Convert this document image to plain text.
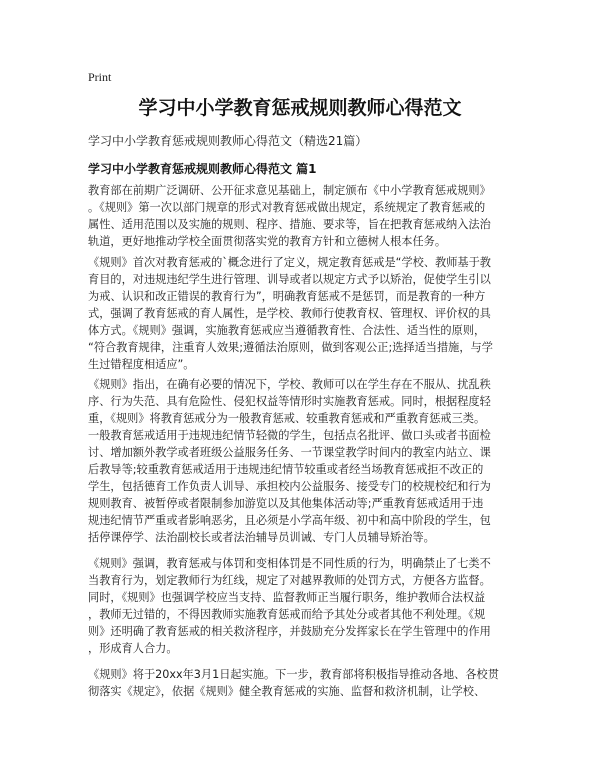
Print
学习中小学教育惩戒规则教师心得范文

学习中小学教育惩戒规则教师心得范文（精选21篇）

学习中小学教育惩戒规则教师心得范文 篇1

教育部在前期广泛调研、公开征求意见基础上，制定颁布《中小学教育惩戒规则》
。《规则》第一次以部门规章的形式对教育惩戒做出规定，系统规定了教育惩戒的
属性、适用范围以及实施的规则、程序、措施、要求等，旨在把教育惩戒纳入法治
轨道，更好地推动学校全面贯彻落实党的教育方针和立德树人根本任务。

《规则》首次对教育惩戒的`概念进行了定义，规定教育惩戒是“学校、教师基于教
育目的，对违规违纪学生进行管理、训导或者以规定方式予以矫治，促使学生引以
为戒、认识和改正错误的教育行为”，明确教育惩戒不是惩罚，而是教育的一种方
式，强调了教育惩戒的育人属性，是学校、教师行使教育权、管理权、评价权的具
体方式。《规则》强调，实施教育惩戒应当遵循教育性、合法性、适当性的原则，
“符合教育规律，注重育人效果;遵循法治原则，做到客观公正;选择适当措施，与学
生过错程度相适应”。

《规则》指出，在确有必要的情况下，学校、教师可以在学生存在不服从、扰乱秩
序、行为失范、具有危险性、侵犯权益等情形时实施教育惩戒。同时，根据程度轻
重，《规则》将教育惩戒分为一般教育惩戒、较重教育惩戒和严重教育惩戒三类。
一般教育惩戒适用于违规违纪情节轻微的学生，包括点名批评、做口头或者书面检
讨、增加额外教学或者班级公益服务任务、一节课堂教学时间内的教室内站立、课
后教导等;较重教育惩戒适用于违规违纪情节较重或者经当场教育惩戒拒不改正的
学生，包括德育工作负责人训导、承担校内公益服务、接受专门的校规校纪和行为
规则教育、被暂停或者限制参加游览以及其他集体活动等;严重教育惩戒适用于违
规违纪情节严重或者影响恶劣，且必须是小学高年级、初中和高中阶段的学生，包
括停课停学、法治副校长或者法治辅导员训诫、专门人员辅导矫治等。

《规则》强调，教育惩戒与体罚和变相体罚是不同性质的行为，明确禁止了七类不
当教育行为，划定教师行为红线，规定了对越界教师的处罚方式，方便各方监督。
同时，《规则》也强调学校应当支持、监督教师正当履行职务，维护教师合法权益
，教师无过错的，不得因教师实施教育惩戒而给予其处分或者其他不利处理。《规
则》还明确了教育惩戒的相关救济程序，并鼓励充分发挥家长在学生管理中的作用
，形成育人合力。

《规则》将于20xx年3月1日起实施。下一步，教育部将积极指导推动各地、各校贯
彻落实《规定》，依据《规则》健全教育惩戒的实施、监督和救济机制，让学校、
